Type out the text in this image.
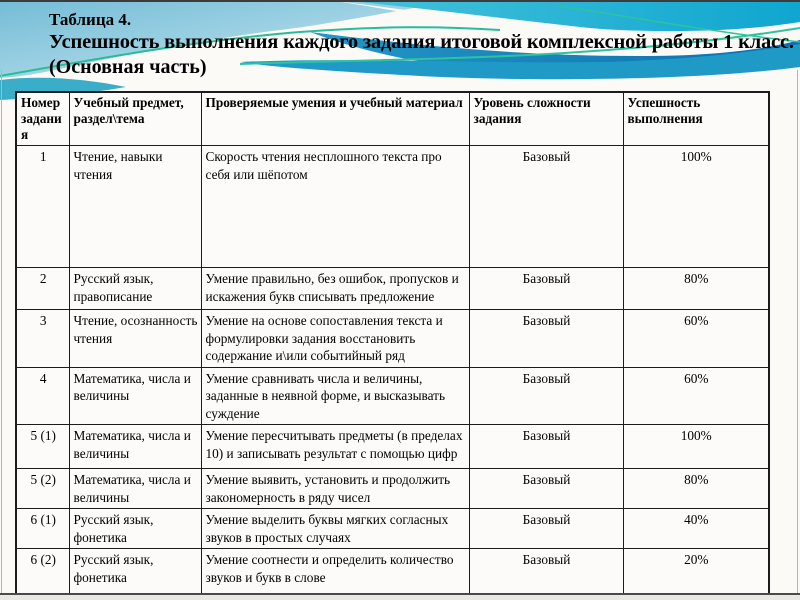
Таблица 4.
Успешность выполнения каждого задания итоговой комплексной работы 1 класс.
(Основная часть)
Номер задания	Учебный предмет, раздел\тема	Проверяемые умения и учебный материал	Уровень сложности задания	Успешность выполнения
1	Чтение, навыки чтения	Скорость чтения несплошного текста про себя или шёпотом	Базовый	100%
2	Русский язык, правописание	Умение правильно, без ошибок, пропусков и искажения букв списывать предложение	Базовый	80%
3	Чтение, осознанность чтения	Умение на основе сопоставления текста и формулировки задания восстановить содержание и\или событийный ряд	Базовый	60%
4	Математика, числа и величины	Умение сравнивать числа и величины, заданные в неявной форме, и высказывать суждение	Базовый	60%
5 (1)	Математика, числа и величины	Умение пересчитывать предметы (в пределах 10) и записывать результат с помощью цифр	Базовый	100%
5 (2)	Математика, числа и величины	Умение выявить, установить и продолжить закономерность в ряду чисел	Базовый	80%
6 (1)	Русский язык, фонетика	Умение выделить буквы мягких согласных звуков в простых случаях	Базовый	40%
6 (2)	Русский язык, фонетика	Умение соотнести и определить количество звуков и букв в слове	Базовый	20%
